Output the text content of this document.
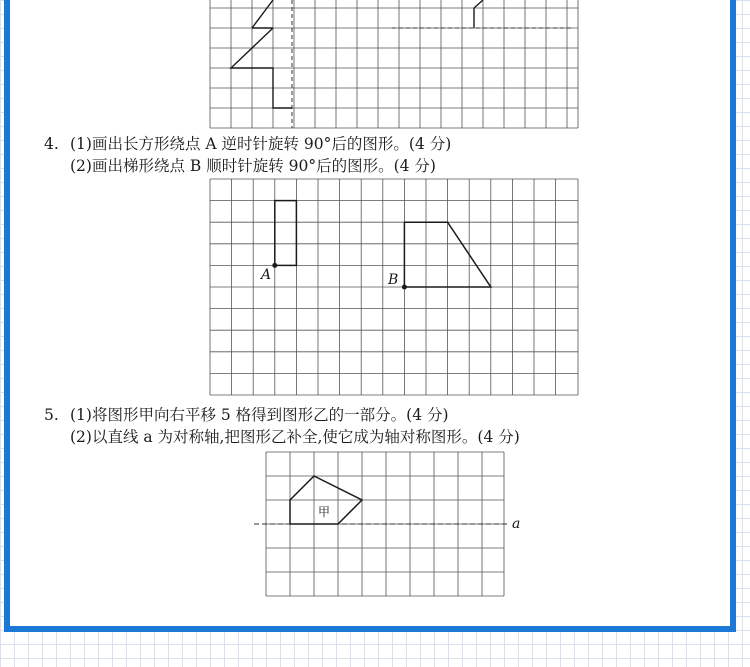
4. (1)画出长方形绕点 A 逆时针旋转 90°后的图形。(4 分)
(2)画出梯形绕点 B 顺时针旋转 90°后的图形。(4 分)
A	B
5. (1)将图形甲向右平移 5 格得到图形乙的一部分。(4 分)
(2)以直线 a 为对称轴,把图形乙补全,使它成为轴对称图形。(4 分)
a
甲
